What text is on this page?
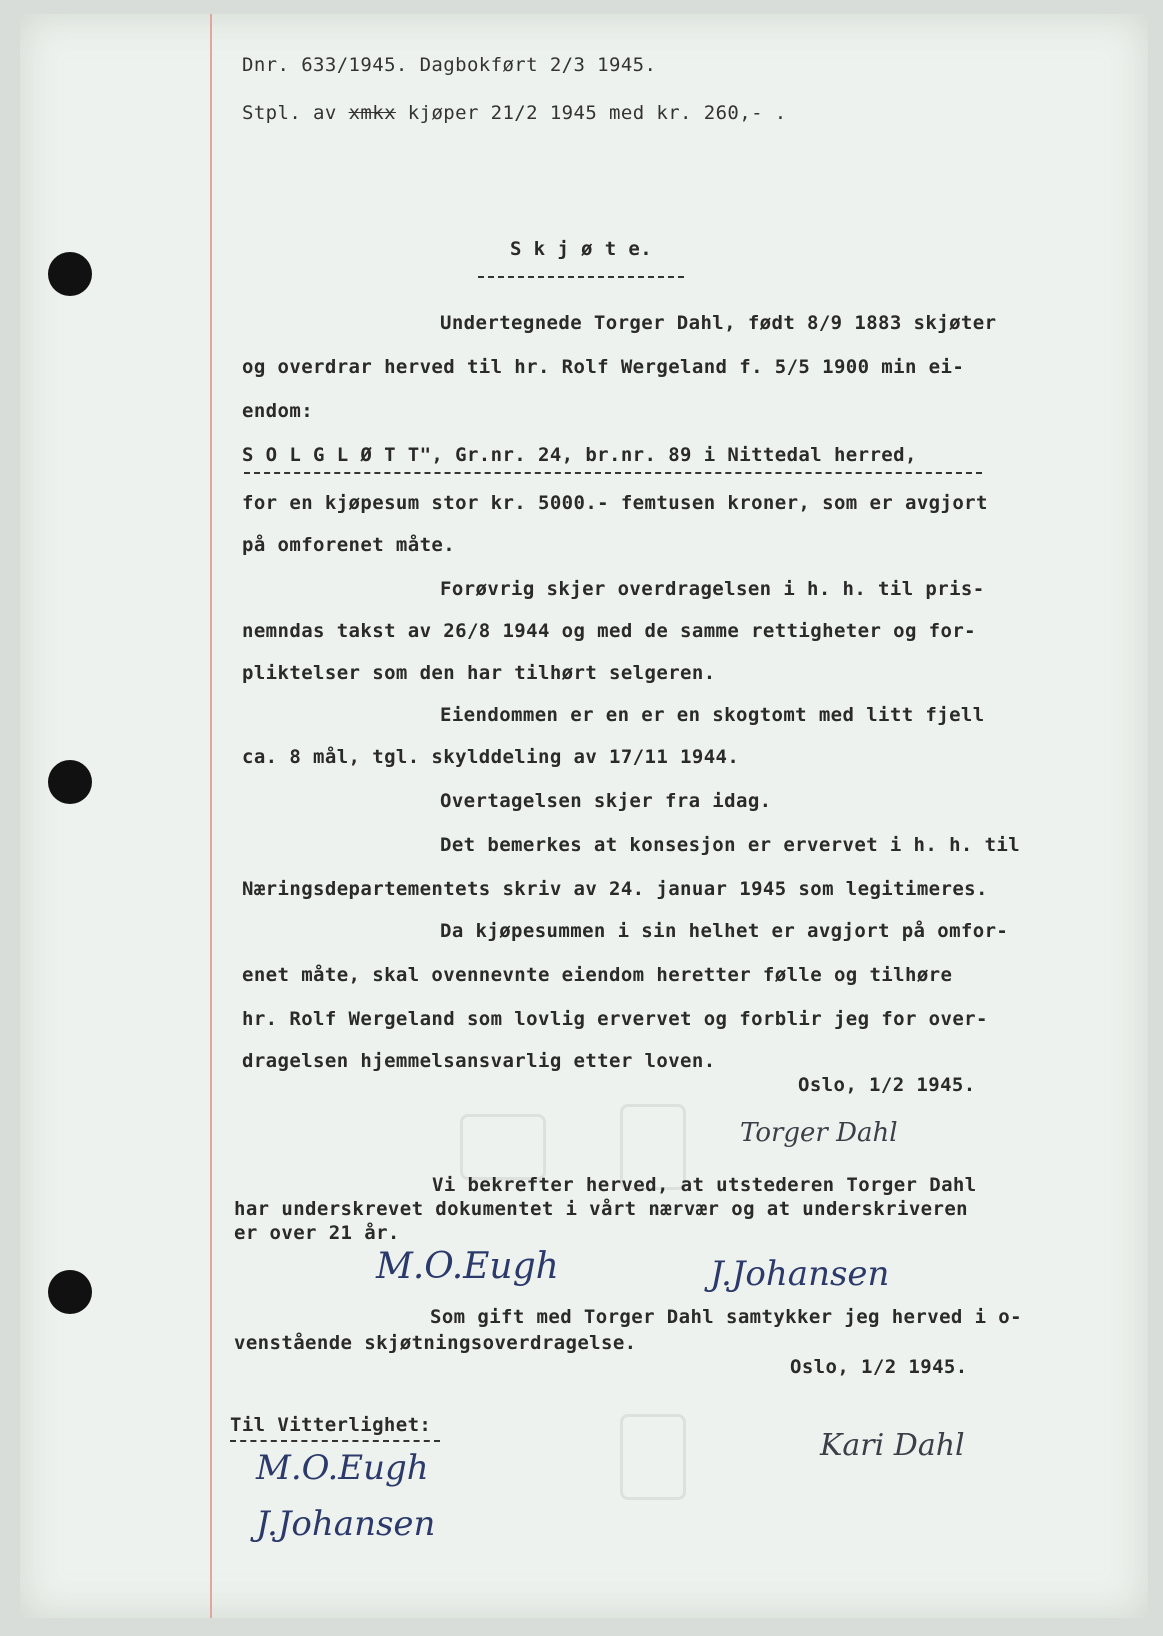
Dnr. 633/1945. Dagbokført 2/3 1945.
Stpl. av xmkx kjøper 21/2 1945 med kr. 260,- .
S k j ø t e.
Undertegnede Torger Dahl, født 8/9 1883 skjøter
og overdrar herved til hr. Rolf Wergeland f. 5/5 1900 min ei-
endom:
S O L G L Ø T T", Gr.nr. 24, br.nr. 89 i Nittedal herred,
for en kjøpesum stor kr. 5000.- femtusen kroner, som er avgjort
på omforenet måte.
Forøvrig skjer overdragelsen i h. h. til pris-
nemndas takst av 26/8 1944 og med de samme rettigheter og for-
pliktelser som den har tilhørt selgeren.
Eiendommen er en er en skogtomt med litt fjell
ca. 8 mål, tgl. skylddeling av 17/11 1944.
Overtagelsen skjer fra idag.
Det bemerkes at konsesjon er ervervet i h. h. til
Næringsdepartementets skriv av 24. januar 1945 som legitimeres.
Da kjøpesummen i sin helhet er avgjort på omfor-
enet måte, skal ovennevnte eiendom heretter følle og tilhøre
hr. Rolf Wergeland som lovlig ervervet og forblir jeg for over-
dragelsen hjemmelsansvarlig etter loven.
Oslo, 1/2 1945.
Torger Dahl
Vi bekrefter herved, at utstederen Torger Dahl
har underskrevet dokumentet i vårt nærvær og at underskriveren
er over 21 år.
M.O.Eugh	J.Johansen
Som gift med Torger Dahl samtykker jeg herved i o-
venstående skjøtningsoverdragelse.
Oslo, 1/2 1945.
Til Vitterlighet:
M.O.Eugh
J.Johansen
Kari Dahl
